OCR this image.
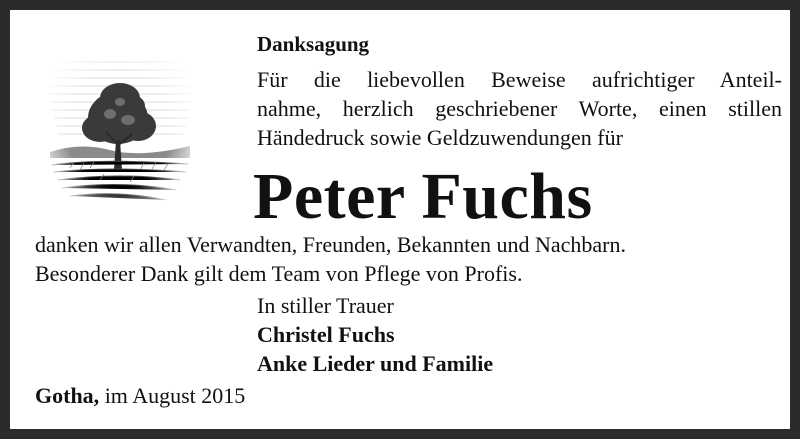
Danksagung

Für die liebevollen Beweise aufrichtiger Anteil-
nahme, herzlich geschriebener Worte, einen stillen
Händedruck sowie Geldzuwendungen für

Peter Fuchs

danken wir allen Verwandten, Freunden, Bekannten und Nachbarn.
Besonderer Dank gilt dem Team von Pflege von Profis.

In stiller Trauer
Christel Fuchs
Anke Lieder und Familie

Gotha, im August 2015
